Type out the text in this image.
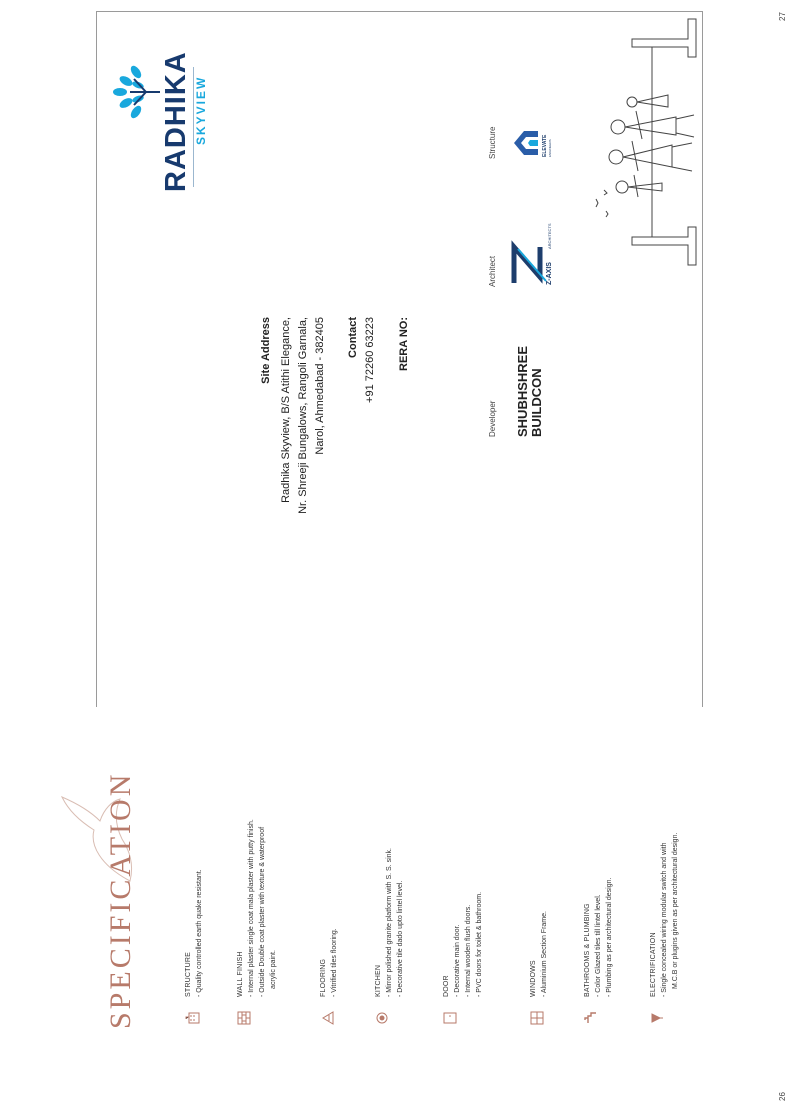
26
27
SPECIFICATION	STRUCTURE - Quality controlled earth quake resistant.	WALL FINISH - Internal plaster single coat mala plaster with putty finish. - Outside Double coat plaster with texture & waterproof acrylic paint.	FLOORING - Vitrified tiles flooring.	KITCHEN - Mirror polished granite platform with S. S. sink. - Decorative tile dado upto lintel level.	DOOR - Decorative main door. - Internal wooden flush doors. - PVC doors for toilet & bathroom.	WINDOWS - Aluminium Section Frame.	BATHROOMS & PLUMBING - Color Glazed tiles till lintel level. - Plumbing as per architectural design.	ELECTRIFICATION - Single concealed wiring modular switch and with M.C.B or plugins given as per architectural design.
RADHIKA SKYVIEW
Site Address Radhika Skyview, B/S Atithi Elegance, Nr. Shreeji Bungalows, Rangoli Garnala, Narol, Ahmedabad - 382405 Contact +91 72260 63223 RERA NO:
Developer SHUBHSHREE BUILDCON
Architect	Z-AXIS
ARCHITECTS
Structure	ELEVATE ENGINEERS
